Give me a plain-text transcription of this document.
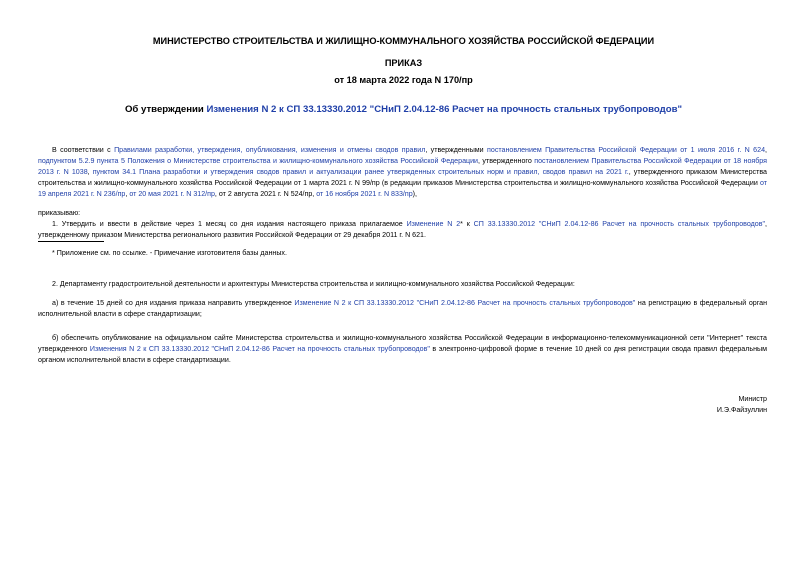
МИНИСТЕРСТВО СТРОИТЕЛЬСТВА И ЖИЛИЩНО-КОММУНАЛЬНОГО ХОЗЯЙСТВА РОССИЙСКОЙ ФЕДЕРАЦИИ
ПРИКАЗ
от 18 марта 2022 года N 170/пр
Об утверждении Изменения N 2 к СП 33.13330.2012 "СНиП 2.04.12-86 Расчет на прочность стальных трубопроводов"
В соответствии с Правилами разработки, утверждения, опубликования, изменения и отмены сводов правил, утвержденными постановлением Правительства Российской Федерации от 1 июля 2016 г. N 624, подпунктом 5.2.9 пункта 5 Положения о Министерстве строительства и жилищно-коммунального хозяйства Российской Федерации, утвержденного постановлением Правительства Российской Федерации от 18 ноября 2013 г. N 1038, пунктом 34.1 Плана разработки и утверждения сводов правил и актуализации ранее утвержденных строительных норм и правил, сводов правил на 2021 г., утвержденного приказом Министерства строительства и жилищно-коммунального хозяйства Российской Федерации от 1 марта 2021 г. N 99/пр (в редакции приказов Министерства строительства и жилищно-коммунального хозяйства Российской Федерации от 19 апреля 2021 г. N 236/пр, от 20 мая 2021 г. N 312/пр, от 2 августа 2021 г. N 524/пр, от 16 ноября 2021 г. N 833/пр),
приказываю:
1. Утвердить и ввести в действие через 1 месяц со дня издания настоящего приказа прилагаемое Изменение N 2* к СП 33.13330.2012 "СНиП 2.04.12-86 Расчет на прочность стальных трубопроводов", утвержденному приказом Министерства регионального развития Российской Федерации от 29 декабря 2011 г. N 621.
* Приложение см. по ссылке. - Примечание изготовителя базы данных.
2. Департаменту градостроительной деятельности и архитектуры Министерства строительства и жилищно-коммунального хозяйства Российской Федерации:
а) в течение 15 дней со дня издания приказа направить утвержденное Изменение N 2 к СП 33.13330.2012 "СНиП 2.04.12-86 Расчет на прочность стальных трубопроводов" на регистрацию в федеральный орган исполнительной власти в сфере стандартизации;
б) обеспечить опубликование на официальном сайте Министерства строительства и жилищно-коммунального хозяйства Российской Федерации в информационно-телекоммуникационной сети "Интернет" текста утвержденного Изменения N 2 к СП 33.13330.2012 "СНиП 2.04.12-86 Расчет на прочность стальных трубопроводов" в электронно-цифровой форме в течение 10 дней со дня регистрации свода правил федеральным органом исполнительной власти в сфере стандартизации.
Министр
И.Э.Файзуллин
